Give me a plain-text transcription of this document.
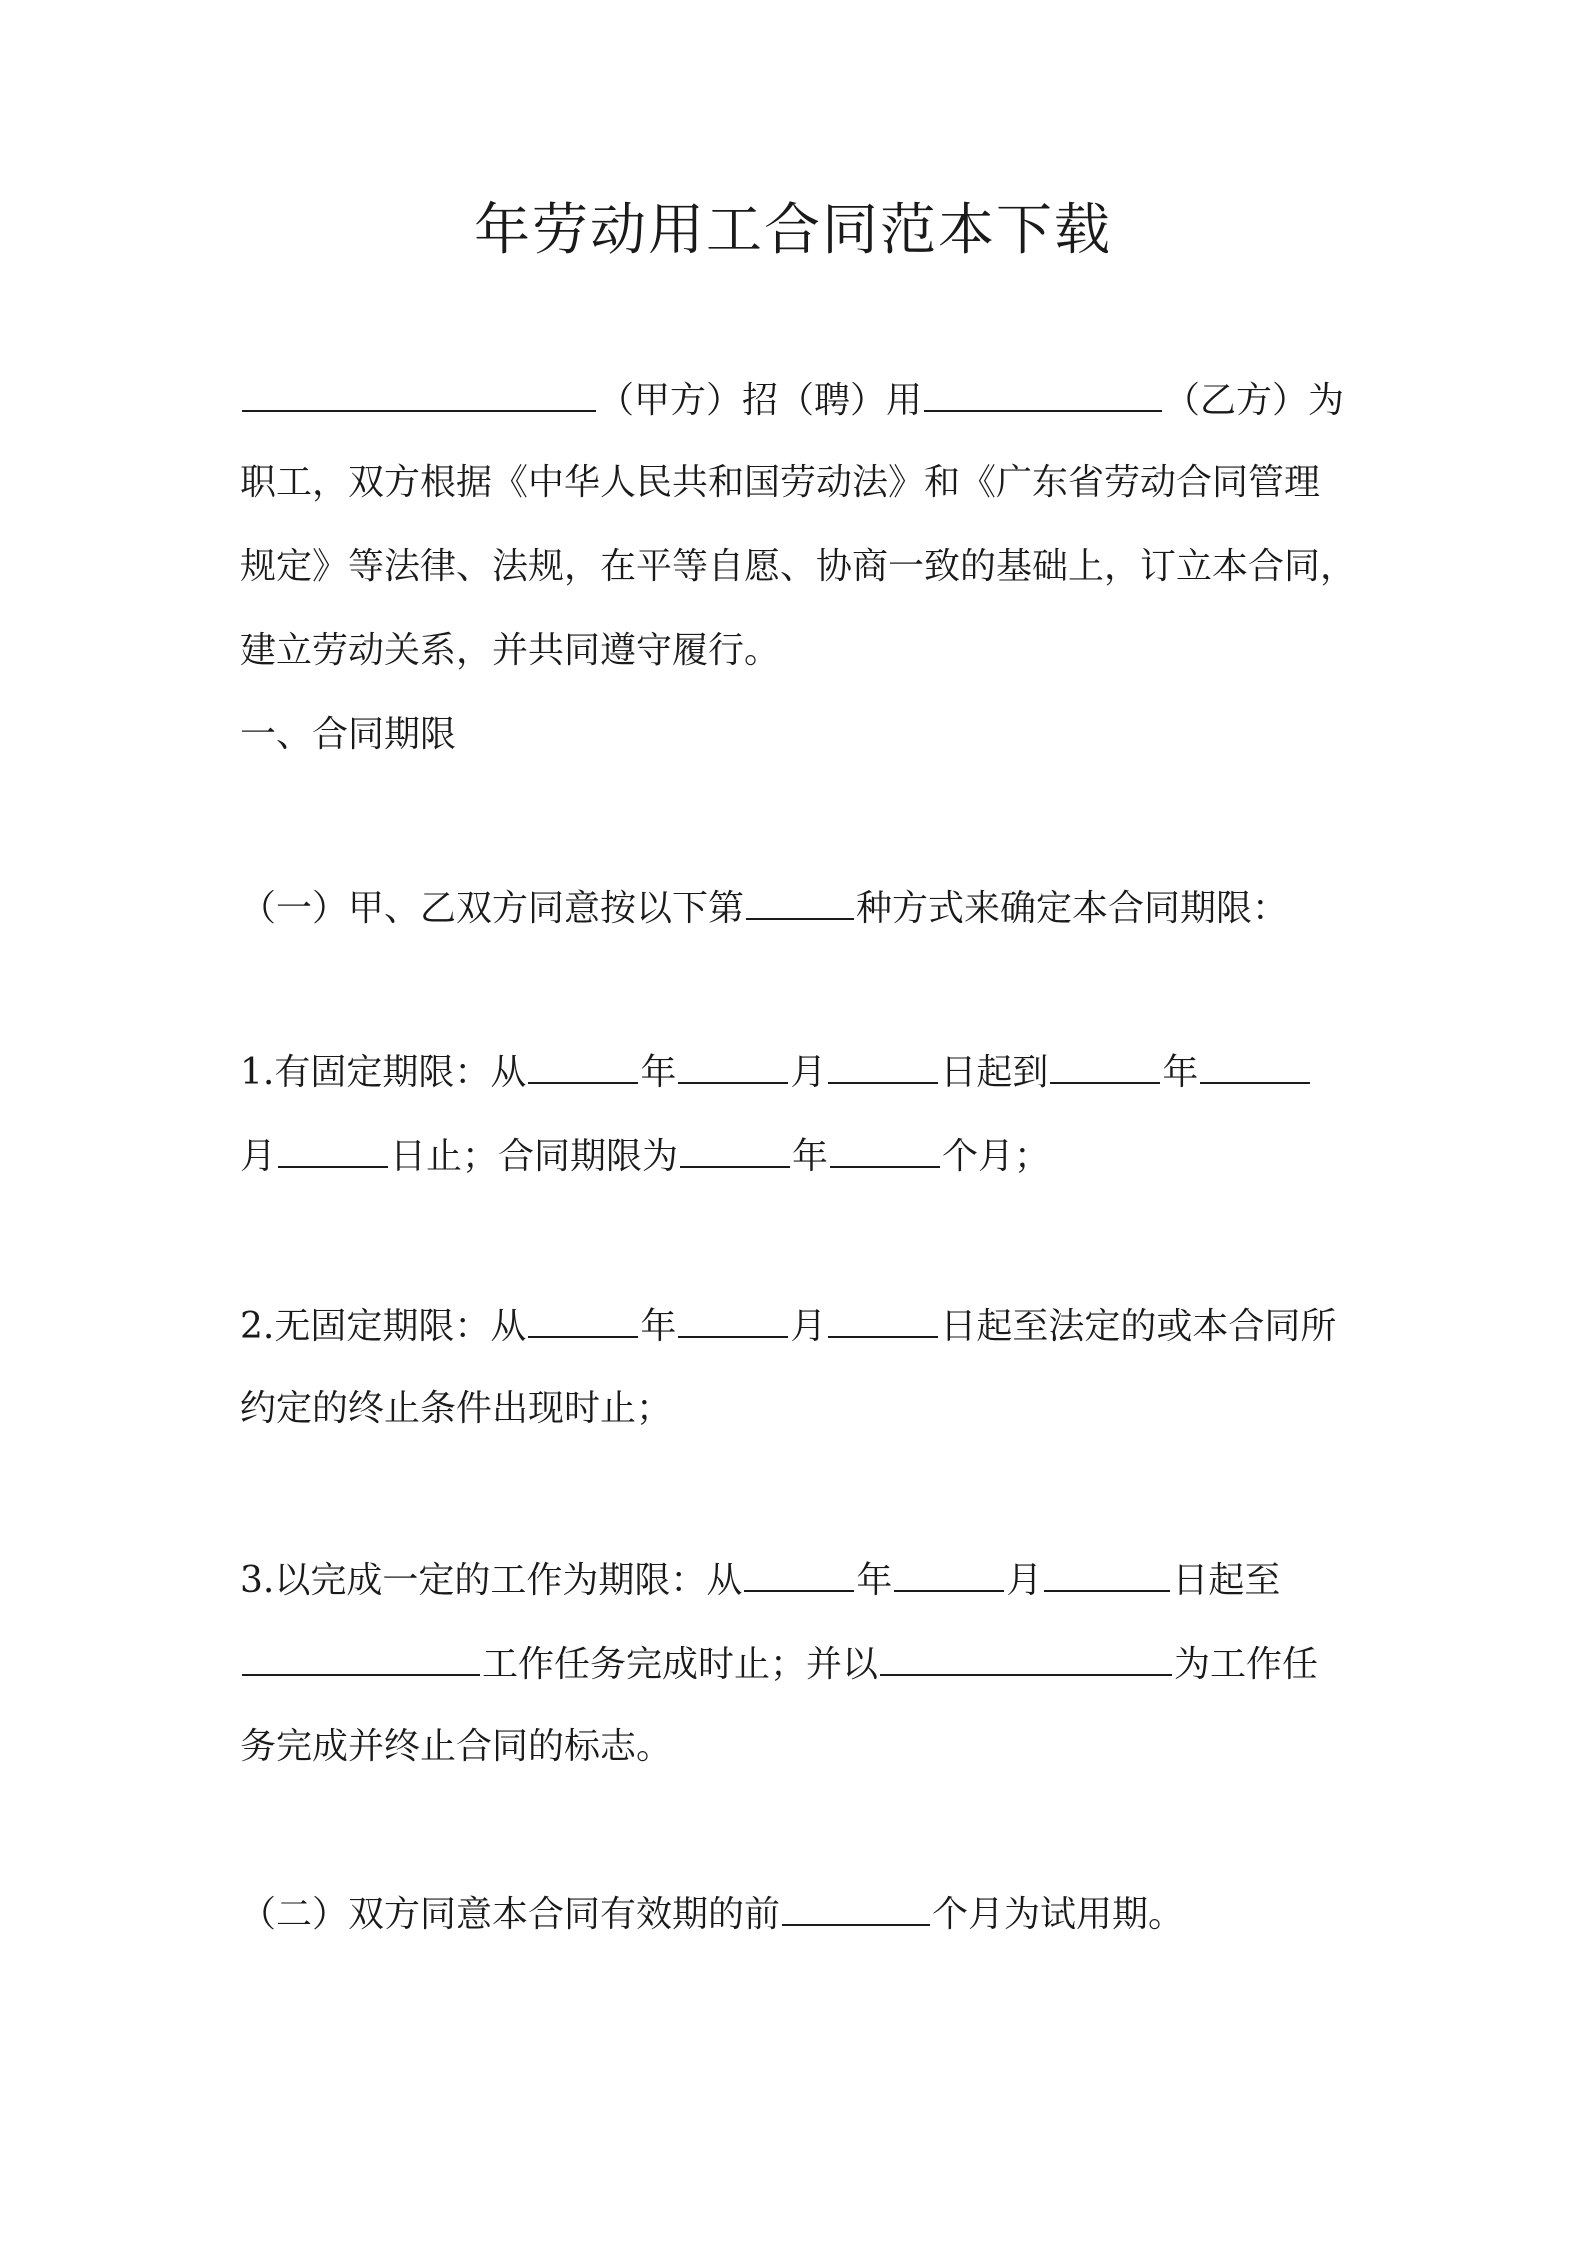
年劳动用工合同范本下载
（甲方）招（聘）用	（乙方）为
职工，双方根据《中华人民共和国劳动法》和《广东省劳动合同管理
规定》等法律、法规，在平等自愿、协商一致的基础上，订立本合同，
建立劳动关系，并共同遵守履行。
一、合同期限
（一）甲、乙双方同意按以下第	种方式来确定本合同期限：
1.有固定期限：从	年	月	日起到	年
月	日止；合同期限为	年	个月；
2.无固定期限：从	年	月	日起至法定的或本合同所
约定的终止条件出现时止；
3.以完成一定的工作为期限：从	年	月	日起至
工作任务完成时止；并以	为工作任
务完成并终止合同的标志。
（二）双方同意本合同有效期的前	个月为试用期。
